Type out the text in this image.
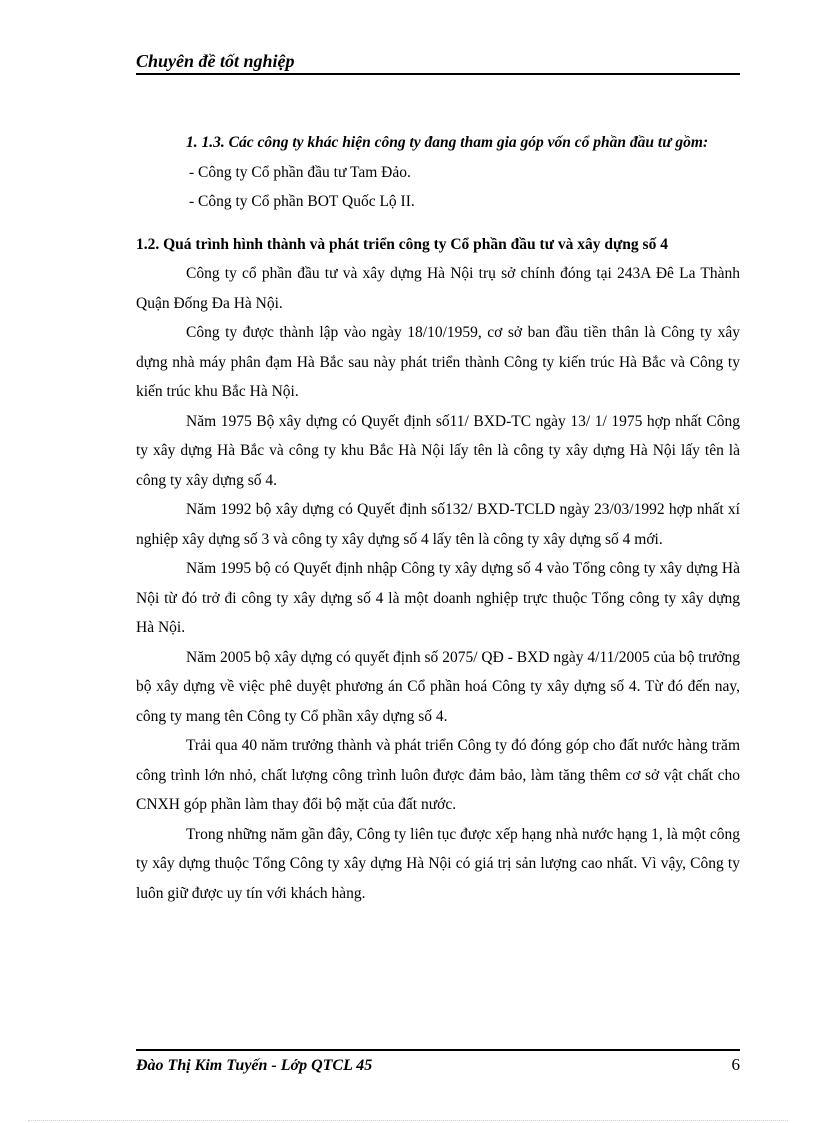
Chuyên đề tốt nghiệp

1. 1.3. Các công ty khác hiện công ty đang tham gia góp vốn cổ phần đầu tư gồm:

- Công ty Cổ phần đầu tư Tam Đảo.

- Công ty Cổ phần BOT Quốc Lộ II.

1.2. Quá trình hình thành và phát triển công ty Cổ phần đầu tư và xây dựng số 4

Công ty cổ phần đầu tư và xây dựng Hà Nội trụ sở chính đóng tại 243A Đê La Thành Quận Đống Đa Hà Nội.

Công ty được thành lập vào ngày 18/10/1959, cơ sở ban đầu tiền thân là Công ty xây dựng nhà máy phân đạm Hà Bắc sau này phát triển thành Công ty kiến trúc Hà Bắc và Công ty kiến trúc khu Bắc Hà Nội.

Năm 1975 Bộ xây dựng có Quyết định số11/ BXD-TC ngày 13/ 1/ 1975 hợp nhất Công ty xây dựng Hà Bắc và công ty khu Bắc Hà Nội lấy tên là công ty xây dựng Hà Nội lấy tên là công ty xây dựng số 4.

Năm 1992 bộ xây dựng có Quyết định số132/ BXD-TCLD ngày 23/03/1992 hợp nhất xí nghiệp xây dựng số 3 và công ty xây dựng số 4 lấy tên là công ty xây dựng số 4 mới.

Năm 1995 bộ có Quyết định nhập Công ty xây dựng số 4 vào Tổng công ty xây dựng Hà Nội từ đó trở đi công ty xây dựng số 4 là một doanh nghiệp trực thuộc Tổng công ty xây dựng Hà Nội.

Năm 2005 bộ xây dựng có quyết định số 2075/ QĐ - BXD ngày 4/11/2005 của bộ trưởng bộ xây dựng về việc phê duyệt phương án Cổ phần hoá Công ty xây dựng số 4. Từ đó đến nay, công ty mang tên Công ty Cổ phần xây dựng số 4.

Trải qua 40 năm trưởng thành và phát triển Công ty đó đóng góp cho đất nước hàng trăm công trình lớn nhỏ, chất lượng công trình luôn được đảm bảo, làm tăng thêm cơ sở vật chất cho CNXH góp phần làm thay đổi bộ mặt của đất nước.

Trong những năm gần đây, Công ty liên tục được xếp hạng nhà nước hạng 1, là một công ty xây dựng thuộc Tổng Công ty xây dựng Hà Nội có giá trị sản lượng cao nhất. Vì vậy, Công ty luôn giữ được uy tín với khách hàng.

Đào Thị Kim Tuyến - Lớp QTCL 45	6
